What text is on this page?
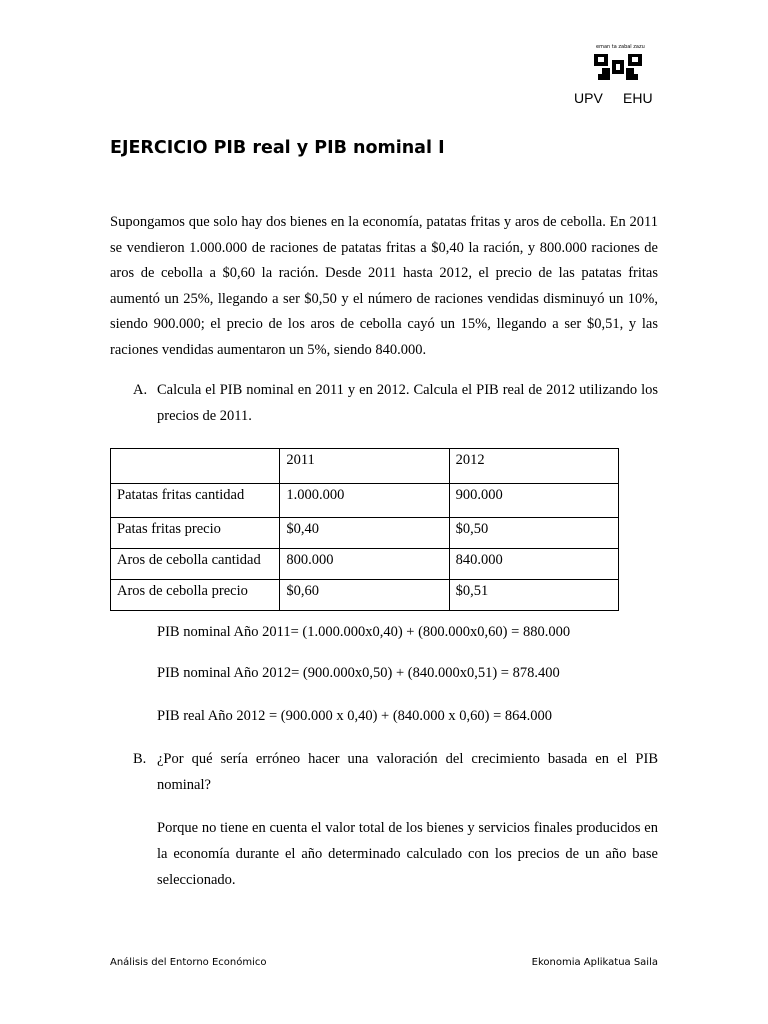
eman ta zabal zazu
UPV EHU
EJERCICIO PIB real y PIB nominal I
Supongamos que solo hay dos bienes en la economía, patatas fritas y aros de cebolla. En 2011 se vendieron 1.000.000 de raciones de patatas fritas a $0,40 la ración, y 800.000 raciones de aros de cebolla a $0,60 la ración. Desde 2011 hasta 2012, el precio de las patatas fritas aumentó un 25%, llegando a ser $0,50 y el número de raciones vendidas disminuyó un 10%, siendo 900.000; el precio de los aros de cebolla cayó un 15%, llegando a ser $0,51, y las raciones vendidas aumentaron un 5%, siendo 840.000.
A. Calcula el PIB nominal en 2011 y en 2012. Calcula el PIB real de 2012 utilizando los precios de 2011.
	2011	2012
Patatas fritas cantidad	1.000.000	900.000
Patas fritas precio	$0,40	$0,50
Aros de cebolla cantidad	800.000	840.000
Aros de cebolla precio	$0,60	$0,51
PIB nominal Año 2011= (1.000.000x0,40) + (800.000x0,60) = 880.000
PIB nominal Año 2012= (900.000x0,50) + (840.000x0,51) = 878.400
PIB real Año 2012 = (900.000 x 0,40) + (840.000 x 0,60) = 864.000
B. ¿Por qué sería erróneo hacer una valoración del crecimiento basada en el PIB nominal?
Porque no tiene en cuenta el valor total de los bienes y servicios finales producidos en la economía durante el año determinado calculado con los precios de un año base seleccionado.
Análisis del Entorno Económico	Ekonomia Aplikatua Saila
